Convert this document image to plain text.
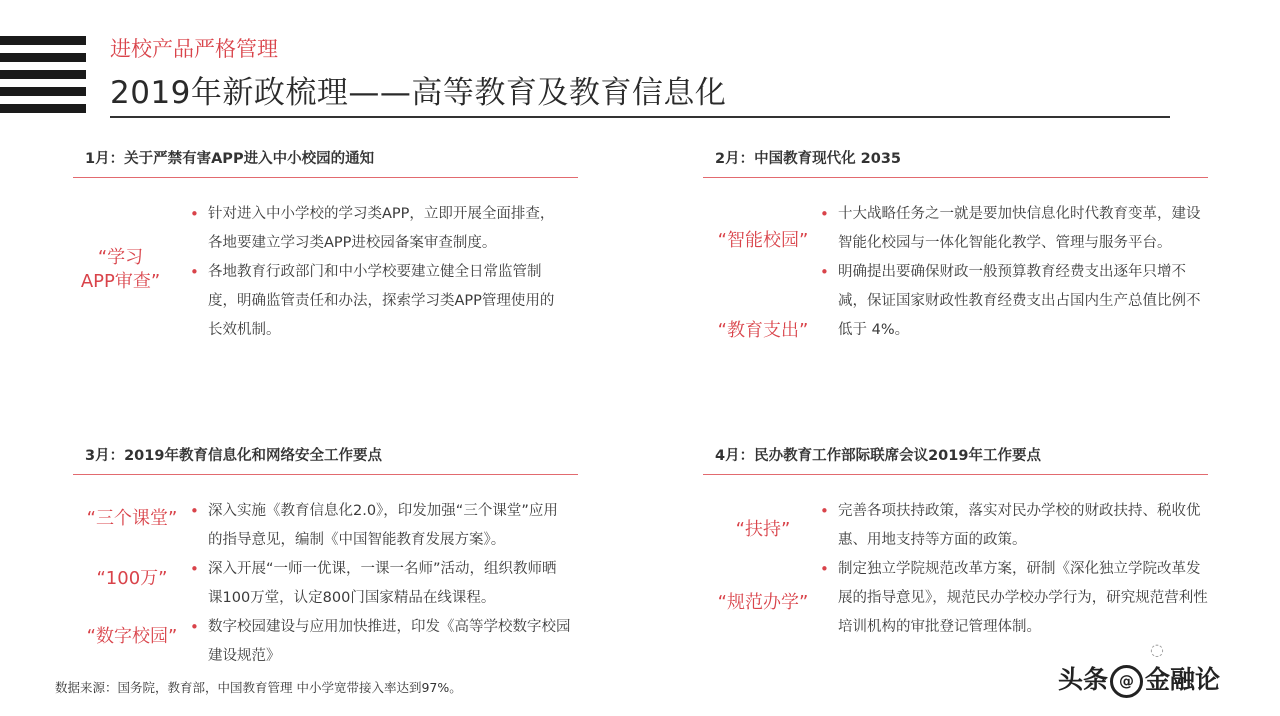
进校产品严格管理
2019年新政梳理——高等教育及教育信息化
1月：关于严禁有害APP进入中小校园的通知
“学习
APP审查”
• 针对进入中小学校的学习类APP，立即开展全面排查，各地要建立学习类APP进校园备案审查制度。
• 各地教育行政部门和中小学校要建立健全日常监管制度，明确监管责任和办法，探索学习类APP管理使用的长效机制。
2月：中国教育现代化 2035
“智能校园”
“教育支出”
• 十大战略任务之一就是要加快信息化时代教育变革，建设智能化校园与一体化智能化教学、管理与服务平台。
• 明确提出要确保财政一般预算教育经费支出逐年只增不减，保证国家财政性教育经费支出占国内生产总值比例不低于 4%。
3月：2019年教育信息化和网络安全工作要点
“三个课堂”
“100万”
“数字校园”
• 深入实施《教育信息化2.0》，印发加强“三个课堂”应用的指导意见，编制《中国智能教育发展方案》。
• 深入开展“一师一优课，一课一名师”活动，组织教师晒课100万堂，认定800门国家精品在线课程。
• 数字校园建设与应用加快推进，印发《高等学校数字校园建设规范》
4月：民办教育工作部际联席会议2019年工作要点
“扶持”
“规范办学”
• 完善各项扶持政策，落实对民办学校的财政扶持、税收优惠、用地支持等方面的政策。
• 制定独立学院规范改革方案，研制《深化独立学院改革发展的指导意见》，规范民办学校办学行为，研究规范营利性培训机构的审批登记管理体制。
数据来源：国务院，教育部，中国教育管理 中小学宽带接入率达到97%。
◌
头条 @ 金融论
